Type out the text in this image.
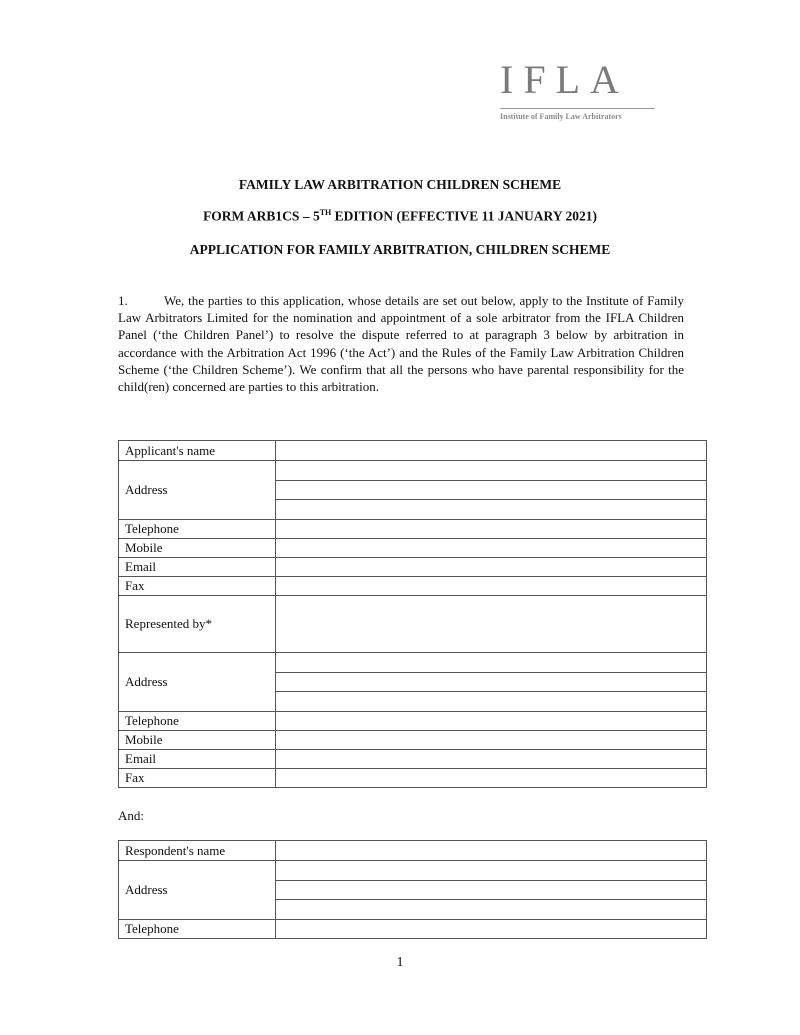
IFLA
Institute of Family Law Arbitrators
FAMILY LAW ARBITRATION CHILDREN SCHEME
FORM ARB1CS – 5TH EDITION (EFFECTIVE 11 JANUARY 2021)
APPLICATION FOR FAMILY ARBITRATION, CHILDREN SCHEME
1.	We, the parties to this application, whose details are set out below, apply to the Institute of Family Law Arbitrators Limited for the nomination and appointment of a sole arbitrator from the IFLA Children Panel (‘the Children Panel’) to resolve the dispute referred to at paragraph 3 below by arbitration in accordance with the Arbitration Act 1996 (‘the Act’) and the Rules of the Family Law Arbitration Children Scheme (‘the Children Scheme’). We confirm that all the persons who have parental responsibility for the child(ren) concerned are parties to this arbitration.
Applicant's name	
Address	

Telephone	
Mobile	
Email	
Fax	
Represented by*	
Address	

Telephone	
Mobile	
Email	
Fax	
And:
Respondent's name	
Address	

Telephone	
1
